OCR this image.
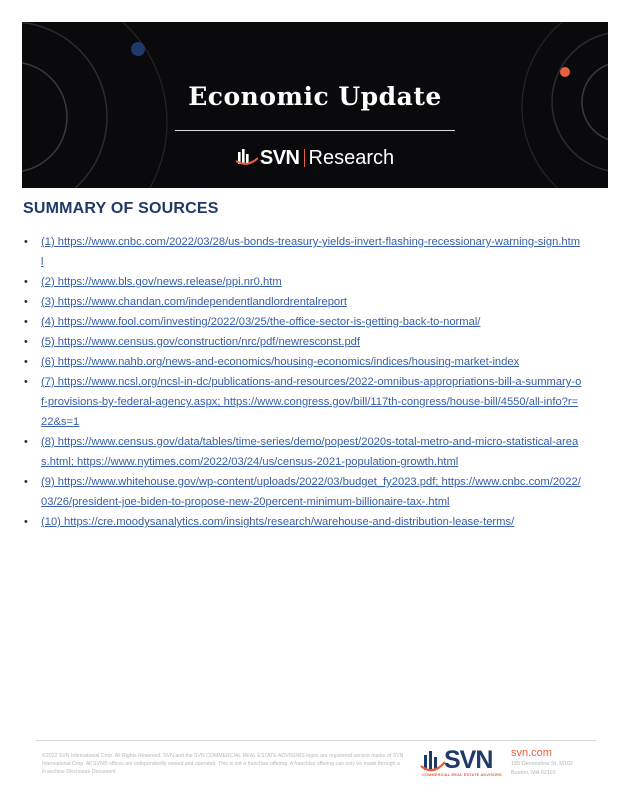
Economic Update
SVN Research
SUMMARY OF SOURCES
• (1) https://www.cnbc.com/2022/03/28/us-bonds-treasury-yields-invert-flashing-recessionary-warning-sign.html
• (2) https://www.bls.gov/news.release/ppi.nr0.htm
• (3) https://www.chandan.com/independentlandlordrentalreport
• (4) https://www.fool.com/investing/2022/03/25/the-office-sector-is-getting-back-to-normal/
• (5) https://www.census.gov/construction/nrc/pdf/newresconst.pdf
• (6) https://www.nahb.org/news-and-economics/housing-economics/indices/housing-market-index
• (7) https://www.ncsl.org/ncsl-in-dc/publications-and-resources/2022-omnibus-appropriations-bill-a-summary-of-provisions-by-federal-agency.aspx; https://www.congress.gov/bill/117th-congress/house-bill/4550/all-info?r=22&s=1
• (8) https://www.census.gov/data/tables/time-series/demo/popest/2020s-total-metro-and-micro-statistical-areas.html; https://www.nytimes.com/2022/03/24/us/census-2021-population-growth.html
• (9) https://www.whitehouse.gov/wp-content/uploads/2022/03/budget_fy2023.pdf; https://www.cnbc.com/2022/03/26/president-joe-biden-to-propose-new-20percent-minimum-billionaire-tax-.html
• (10) https://cre.moodysanalytics.com/insights/research/warehouse-and-distribution-lease-terms/
©2022 SVN International Corp. All Rights Reserved. SVN and the SVN COMMERCIAL REAL ESTATE ADVISORS logos are registered service marks of SVN International Corp. All SVN® offices are independently owned and operated. This is not a franchise offering. A franchise offering can only be made through a Franchise Disclosure Document.	SVN
COMMERCIAL REAL ESTATE ADVISORS
svn.com
185 Devonshire St, M102
Boston, MA 02110
